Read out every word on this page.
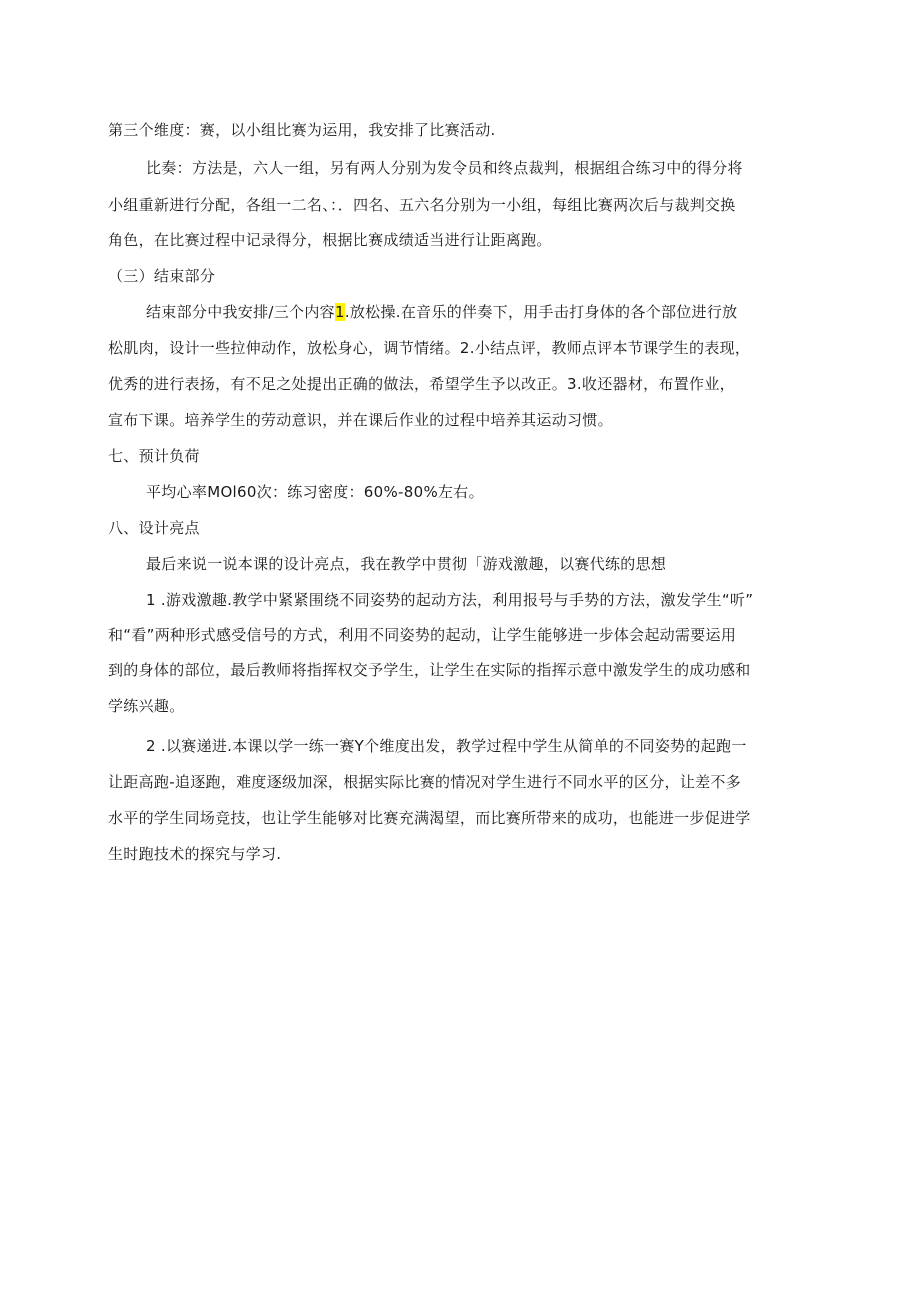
第三个维度：赛，以小组比赛为运用，我安排了比赛活动.
比奏：方法是，六人一组，另有两人分别为发令员和终点裁判，根据组合练习中的得分将
小组重新进行分配，各组一二名、：．四名、五六名分别为一小组，每组比赛两次后与裁判交换
角色，在比赛过程中记录得分，根据比赛成绩适当进行让距离跑。
（三）结束部分
结束部分中我安排/三个内容1.放松操.在音乐的伴奏下，用手击打身体的各个部位进行放
松肌肉，设计一些拉伸动作，放松身心，调节情绪。2.小结点评，教师点评本节课学生的表现，
优秀的进行表扬，有不足之处提出正确的做法，希望学生予以改正。3.收还器材，布置作业，
宣布下课。培养学生的劳动意识，并在课后作业的过程中培养其运动习惯。
七、预计负荷
平均心率MOl60次：练习密度：60%-80%左右。
八、设计亮点
最后来说一说本课的设计亮点，我在教学中贯彻「游戏激趣，以赛代练的思想
1 .游戏激趣.教学中紧紧围绕不同姿势的起动方法，利用报号与手势的方法，激发学生“听”
和“看”两种形式感受信号的方式，利用不同姿势的起动，让学生能够进一步体会起动需要运用
到的身体的部位，最后教师将指挥权交予学生，让学生在实际的指挥示意中激发学生的成功感和
学练兴趣。
2 .以赛递进.本课以学一练一赛Y个维度出发，教学过程中学生从简单的不同姿势的起跑一
让距高跑-追逐跑，难度逐级加深，根据实际比赛的情况对学生进行不同水平的区分，让差不多
水平的学生同场竞技，也让学生能够对比赛充满渴望，而比赛所带来的成功，也能进一步促进学
生时跑技术的探究与学习.
